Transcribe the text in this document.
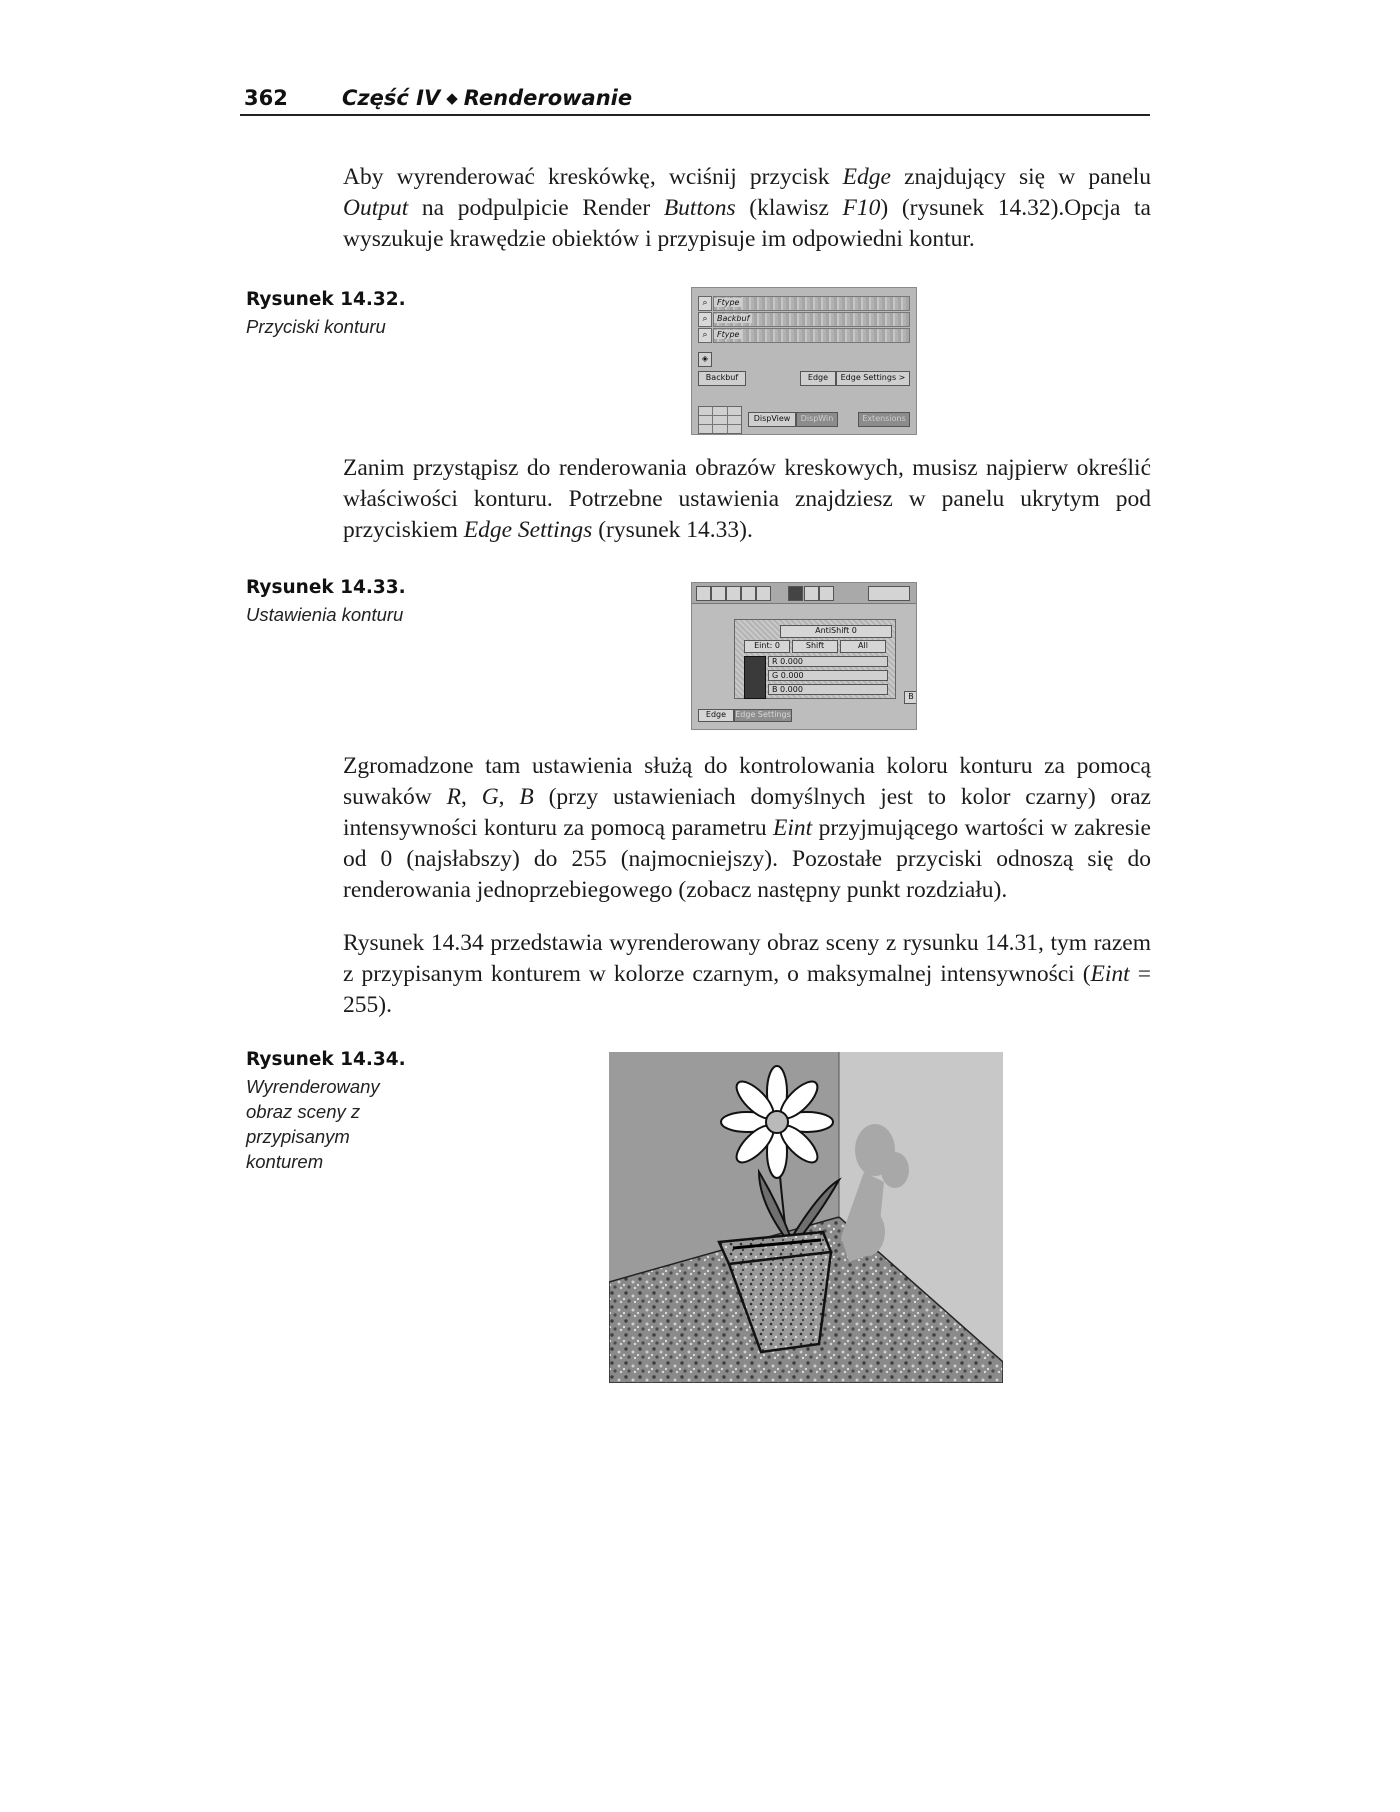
362	Część IV ◆ Renderowanie

Aby wyrenderować kreskówkę, wciśnij przycisk Edge znajdujący się w panelu Output na podpulpicie Render Buttons (klawisz F10) (rysunek 14.32).Opcja ta wyszukuje krawędzie obiektów i przypisuje im odpowiedni kontur.

Rysunek 14.32.
Przyciski konturu
⌕	Ftype
⌕	Backbuf
⌕	Ftype
◈
Backbuf	Edge	Edge Settings >
DispView	DispWin	Extensions

Zanim przystąpisz do renderowania obrazów kreskowych, musisz najpierw określić właściwości konturu. Potrzebne ustawienia znajdziesz w panelu ukrytym pod przyciskiem Edge Settings (rysunek 14.33).

Rysunek 14.33.
Ustawienia konturu
AntiShift 0
Eint: 0	Shift	All
R 0.000
G 0.000
B 0.000
B
Edge	Edge Settings

Zgromadzone tam ustawienia służą do kontrolowania koloru konturu za pomocą suwaków R, G, B (przy ustawieniach domyślnych jest to kolor czarny) oraz intensywności konturu za pomocą parametru Eint przyjmującego wartości w zakresie od 0 (najsłabszy) do 255 (najmocniejszy). Pozostałe przyciski odnoszą się do renderowania jednoprzebiegowego (zobacz następny punkt rozdziału).

Rysunek 14.34 przedstawia wyrenderowany obraz sceny z rysunku 14.31, tym razem z przypisanym konturem w kolorze czarnym, o maksymalnej intensywności (Eint = 255).

Rysunek 14.34.
Wyrenderowany obraz sceny z przypisanym konturem
